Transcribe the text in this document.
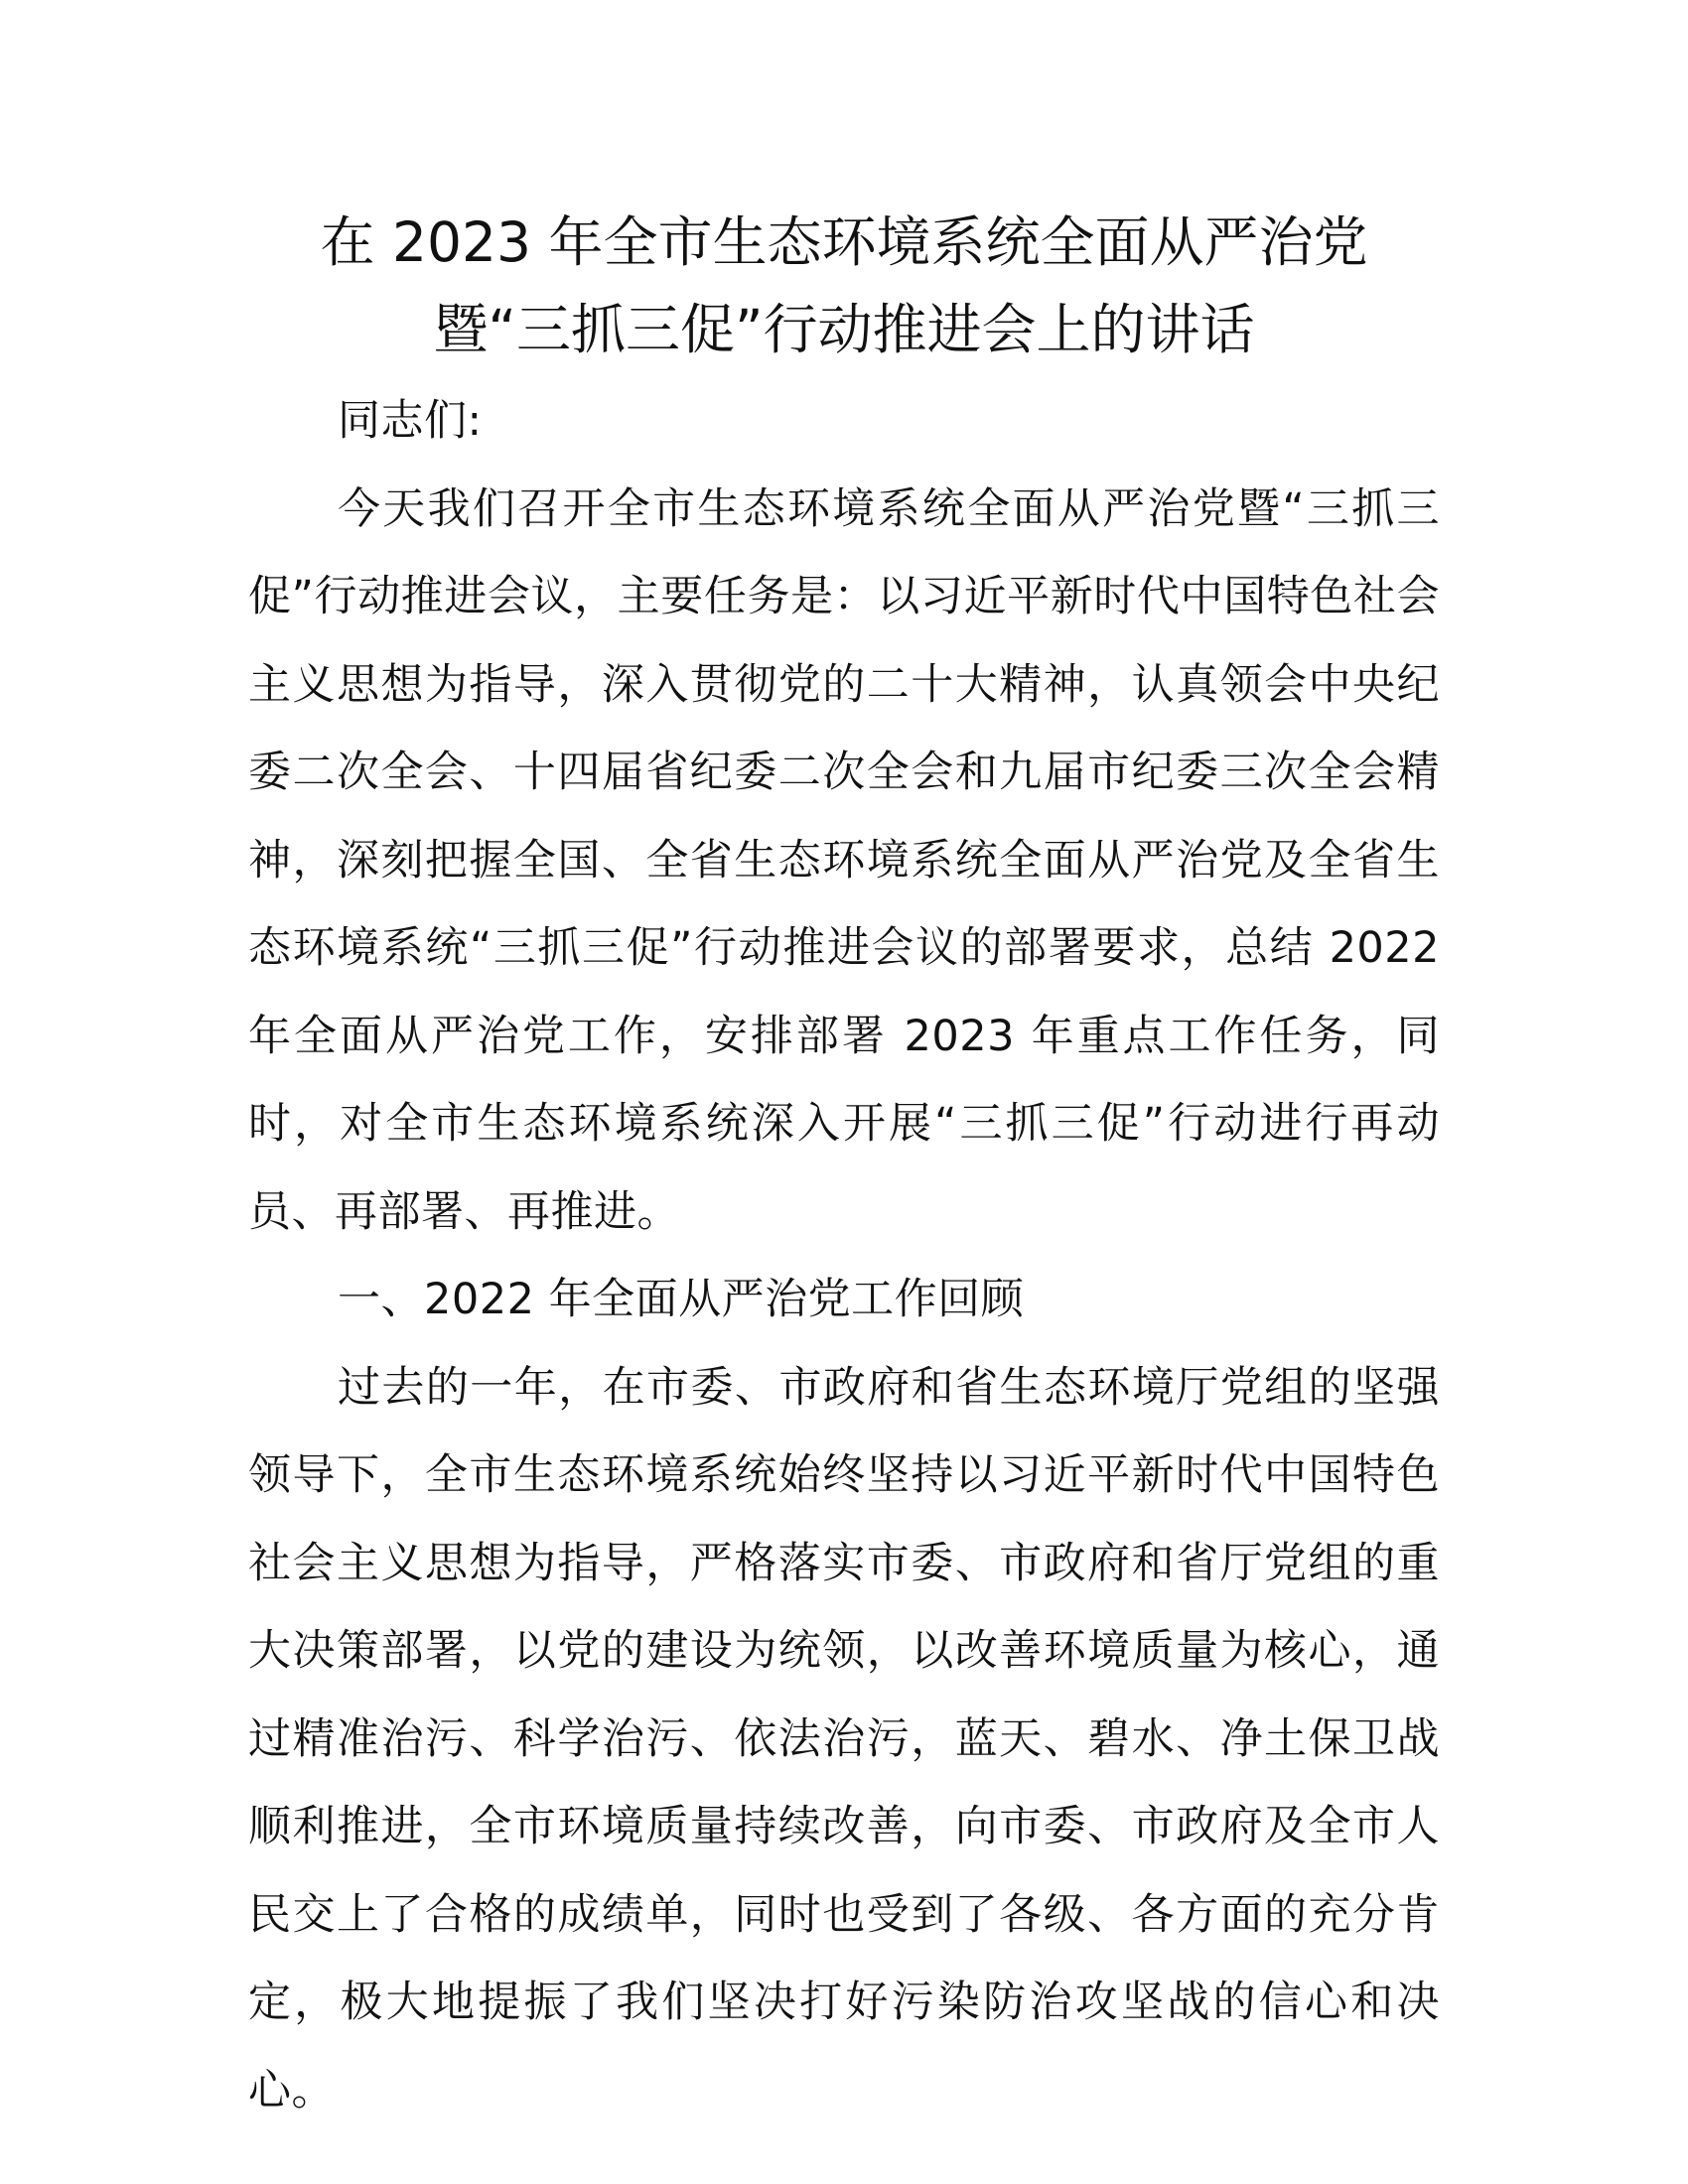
在 2023 年全市生态环境系统全面从严治党
暨“三抓三促”行动推进会上的讲话

同志们:

今天我们召开全市生态环境系统全面从严治党暨“三抓三促”行动推进会议，主要任务是：以习近平新时代中国特色社会主义思想为指导，深入贯彻党的二十大精神，认真领会中央纪委二次全会、十四届省纪委二次全会和九届市纪委三次全会精神，深刻把握全国、全省生态环境系统全面从严治党及全省生态环境系统“三抓三促”行动推进会议的部署要求，总结 2022 年全面从严治党工作，安排部署 2023 年重点工作任务，同时，对全市生态环境系统深入开展“三抓三促”行动进行再动员、再部署、再推进。

一、2022 年全面从严治党工作回顾

过去的一年，在市委、市政府和省生态环境厅党组的坚强领导下，全市生态环境系统始终坚持以习近平新时代中国特色社会主义思想为指导，严格落实市委、市政府和省厅党组的重大决策部署，以党的建设为统领，以改善环境质量为核心，通过精准治污、科学治污、依法治污，蓝天、碧水、净土保卫战顺利推进，全市环境质量持续改善，向市委、市政府及全市人民交上了合格的成绩单，同时也受到了各级、各方面的充分肯定，极大地提振了我们坚决打好污染防治攻坚战的信心和决心。
